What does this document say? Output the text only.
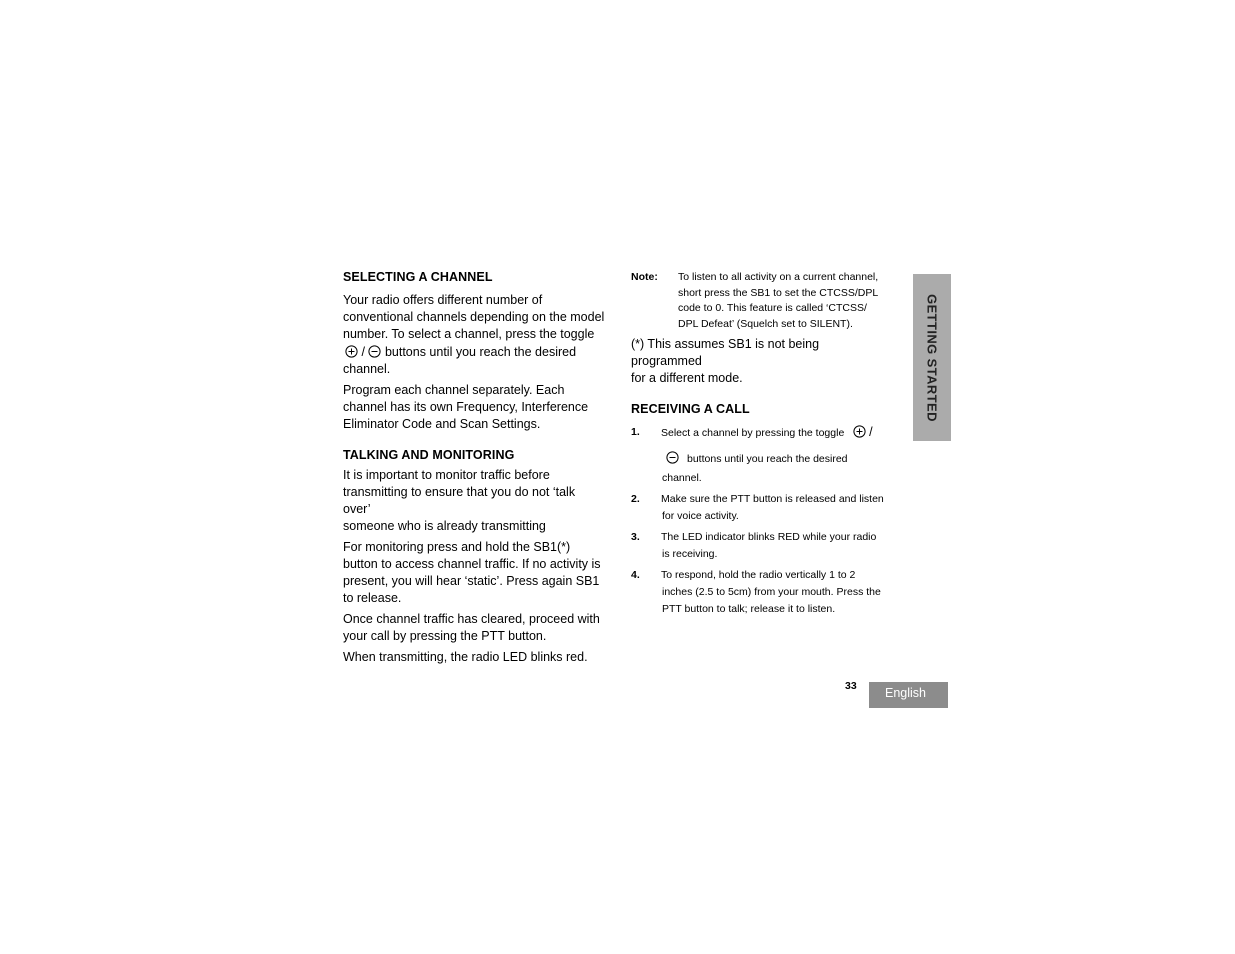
SELECTING A CHANNEL

Your radio offers different number of
conventional channels depending on the model
number. To select a channel, press the toggle
/ buttons until you reach the desired
channel.

Program each channel separately. Each
channel has its own Frequency, Interference
Eliminator Code and Scan Settings.

TALKING AND MONITORING

It is important to monitor traffic before
transmitting to ensure that you do not ‘talk over’
someone who is already transmitting

For monitoring press and hold the SB1(*)
button to access channel traffic. If no activity is
present, you will hear ‘static’. Press again SB1
to release.

Once channel traffic has cleared, proceed with
your call by pressing the PTT button.

When transmitting, the radio LED blinks red.

Note: To listen to all activity on a current channel,
short press the SB1 to set the CTCSS/DPL
code to 0. This feature is called ‘CTCSS/
DPL Defeat’ (Squelch set to SILENT).

(*) This assumes SB1 is not being programmed
for a different mode.

RECEIVING A CALL
1. Select a channel by pressing the toggle /
buttons until you reach the desired
channel.
2. Make sure the PTT button is released and listen
for voice activity.
3. The LED indicator blinks RED while your radio
is receiving.
4. To respond, hold the radio vertically 1 to 2
inches (2.5 to 5cm) from your mouth. Press the
PTT button to talk; release it to listen.
GETTING STARTED
33 English
